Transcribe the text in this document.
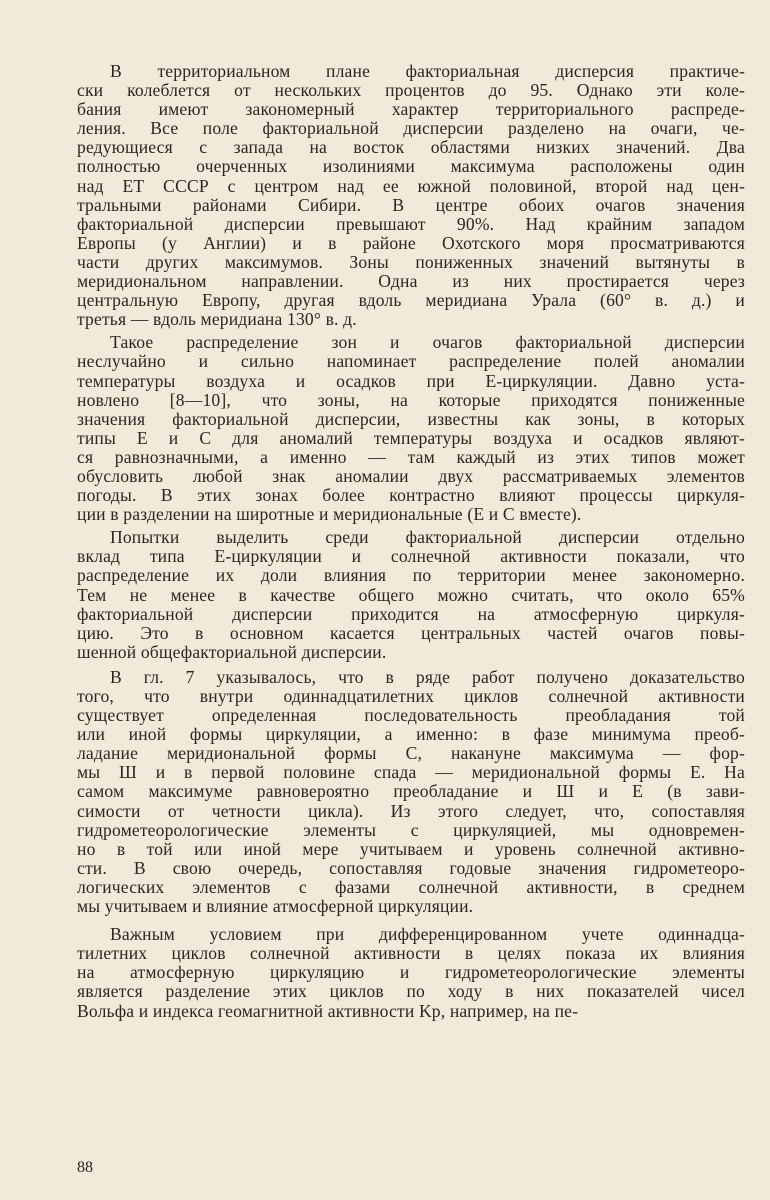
В территориальном плане факториальная дисперсия практиче-
ски колеблется от нескольких процентов до 95. Однако эти коле-
бания имеют закономерный характер территориального распреде-
ления. Все поле факториальной дисперсии разделено на очаги, че-
редующиеся с запада на восток областями низких значений. Два
полностью очерченных изолиниями максимума расположены один
над ЕТ СССР с центром над ее южной половиной, второй над цен-
тральными районами Сибири. В центре обоих очагов значения
факториальной дисперсии превышают 90%. Над крайним западом
Европы (у Англии) и в районе Охотского моря просматриваются
части других максимумов. Зоны пониженных значений вытянуты в
меридиональном направлении. Одна из них простирается через
центральную Европу, другая вдоль меридиана Урала (60° в. д.) и
третья — вдоль меридиана 130° в. д.
Такое распределение зон и очагов факториальной дисперсии
неслучайно и сильно напоминает распределение полей аномалии
температуры воздуха и осадков при Е-циркуляции. Давно уста-
новлено [8—10], что зоны, на которые приходятся пониженные
значения факториальной дисперсии, известны как зоны, в которых
типы Е и С для аномалий температуры воздуха и осадков являют-
ся равнозначными, а именно — там каждый из этих типов может
обусловить любой знак аномалии двух рассматриваемых элементов
погоды. В этих зонах более контрастно влияют процессы циркуля-
ции в разделении на широтные и меридиональные (Е и С вместе).
Попытки выделить среди факториальной дисперсии отдельно
вклад типа Е-циркуляции и солнечной активности показали, что
распределение их доли влияния по территории менее закономерно.
Тем не менее в качестве общего можно считать, что около 65%
факториальной дисперсии приходится на атмосферную циркуля-
цию. Это в основном касается центральных частей очагов повы-
шенной общефакториальной дисперсии.
В гл. 7 указывалось, что в ряде работ получено доказательство
того, что внутри одиннадцатилетних циклов солнечной активности
существует определенная последовательность преобладания той
или иной формы циркуляции, а именно: в фазе минимума преоб-
ладание меридиональной формы С, накануне максимума — фор-
мы Ш и в первой половине спада — меридиональной формы Е. На
самом максимуме равновероятно преобладание и Ш и Е (в зави-
симости от четности цикла). Из этого следует, что, сопоставляя
гидрометеорологические элементы с циркуляцией, мы одновремен-
но в той или иной мере учитываем и уровень солнечной активно-
сти. В свою очередь, сопоставляя годовые значения гидрометеоро-
логических элементов с фазами солнечной активности, в среднем
мы учитываем и влияние атмосферной циркуляции.
Важным условием при дифференцированном учете одиннадца-
тилетних циклов солнечной активности в целях показа их влияния
на атмосферную циркуляцию и гидрометеорологические элементы
является разделение этих циклов по ходу в них показателей чисел
Вольфа и индекса геомагнитной активности Kp, например, на пе-
88
